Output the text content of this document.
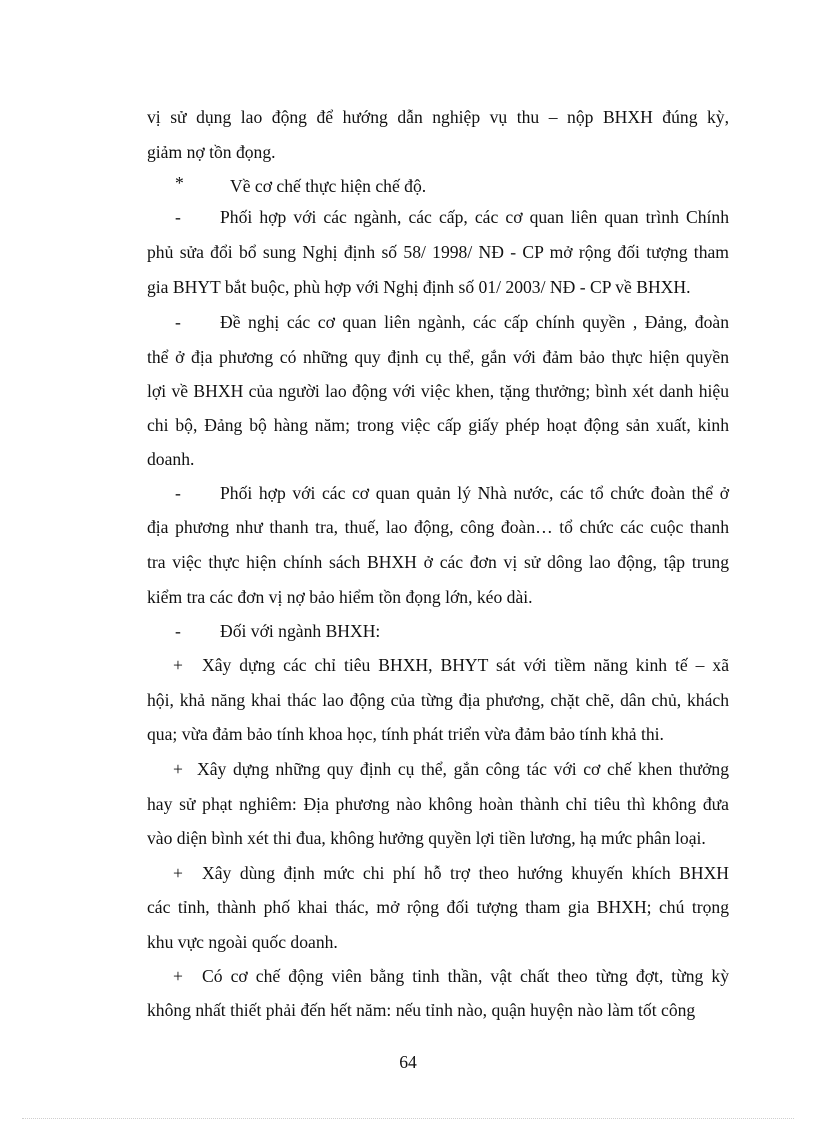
vị sử dụng lao động để hướng dẫn nghiệp vụ thu – nộp BHXH đúng kỳ,
giảm nợ tồn đọng.
*	Về cơ chế thực hiện chế độ.
- Phối hợp với các ngành, các cấp, các cơ quan liên quan trình Chính
phủ sửa đổi bổ sung Nghị định số 58/ 1998/ NĐ - CP mở rộng đối tượng tham
gia BHYT bắt buộc, phù hợp với Nghị định số 01/ 2003/ NĐ - CP về BHXH.
- Đề nghị các cơ quan liên ngành, các cấp chính quyền , Đảng, đoàn
thể ở địa phương có những quy định cụ thể, gắn với đảm bảo thực hiện quyền
lợi về BHXH của người lao động với việc khen, tặng thưởng; bình xét danh hiệu
chi bộ, Đảng bộ hàng năm; trong việc cấp giấy phép hoạt động sản xuất, kinh
doanh.
- Phối hợp với các cơ quan quản lý Nhà nước, các tổ chức đoàn thể ở
địa phương như thanh tra, thuế, lao động, công đoàn… tổ chức các cuộc thanh
tra việc thực hiện chính sách BHXH ở các đơn vị sử dông lao động, tập trung
kiểm tra các đơn vị nợ bảo hiểm tồn đọng lớn, kéo dài.
- Đối với ngành BHXH:
+ Xây dựng các chỉ tiêu BHXH, BHYT sát với tiềm năng kinh tế – xã
hội, khả năng khai thác lao động của từng địa phương, chặt chẽ, dân chủ, khách
qua; vừa đảm bảo tính khoa học, tính phát triển vừa đảm bảo tính khả thi.
+ Xây dựng những quy định cụ thể, gắn công tác với cơ chế khen thưởng
hay sử phạt nghiêm: Địa phương nào không hoàn thành chỉ tiêu thì không đưa
vào diện bình xét thi đua, không hưởng quyền lợi tiền lương, hạ mức phân loại.
+ Xây dùng định mức chi phí hỗ trợ theo hướng khuyến khích BHXH
các tỉnh, thành phố khai thác, mở rộng đối tượng tham gia BHXH; chú trọng
khu vực ngoài quốc doanh.
+ Có cơ chế động viên bằng tinh thần, vật chất theo từng đợt, từng kỳ
không nhất thiết phải đến hết năm: nếu tỉnh nào, quận huyện nào làm tốt công
64
